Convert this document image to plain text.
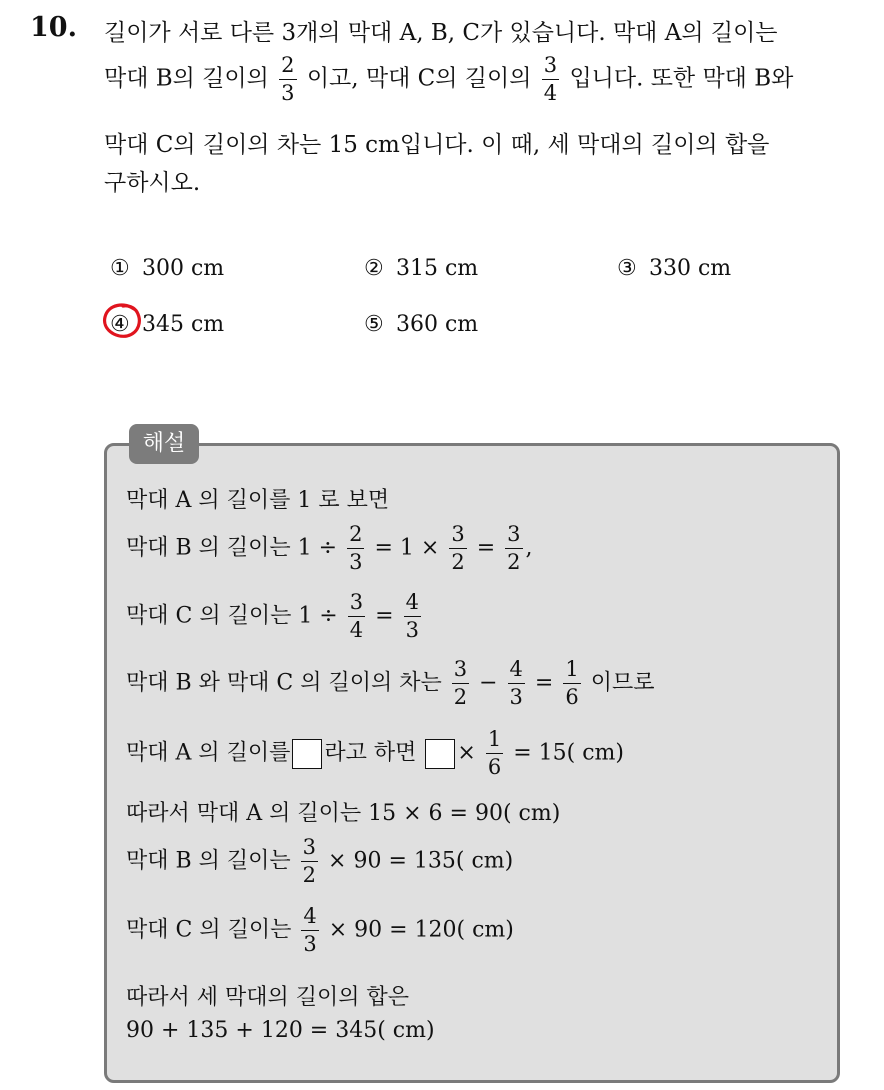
10. 길이가 서로 다른 3개의 막대 A, B, C가 있습니다. 막대 A의 길이는
막대 B의 길이의 $\frac{2}{3}$ 이고, 막대 C의 길이의 $\frac{3}{4}$ 입니다. 또한 막대 B와
막대 C의 길이의 차는 15 cm입니다. 이 때, 세 막대의 길이의 합을
구하시오.
① 300 cm	② 315 cm	③ 330 cm
④ 345 cm	⑤ 360 cm
해설
막대 A 의 길이를 1 로 보면
막대 B 의 길이는 $1 \div \frac{2}{3} = 1 \times \frac{3}{2} = \frac{3}{2}$ ,
막대 C 의 길이는 $1 \div \frac{3}{4} = \frac{4}{3}$
막대 B 와 막대 C 의 길이의 차는 $\frac{3}{2} - \frac{4}{3} = \frac{1}{6}$ 이므로
막대 A 의 길이를 라고 하면 × $\frac{1}{6} = 15$( cm)
따라서 막대 A 의 길이는 15 × 6 = 90( cm)
막대 B 의 길이는 $\frac{3}{2} \times 90 = 135$( cm)
막대 C 의 길이는 $\frac{4}{3} \times 90 = 120$( cm)
따라서 세 막대의 길이의 합은
90 + 135 + 120 = 345( cm)
